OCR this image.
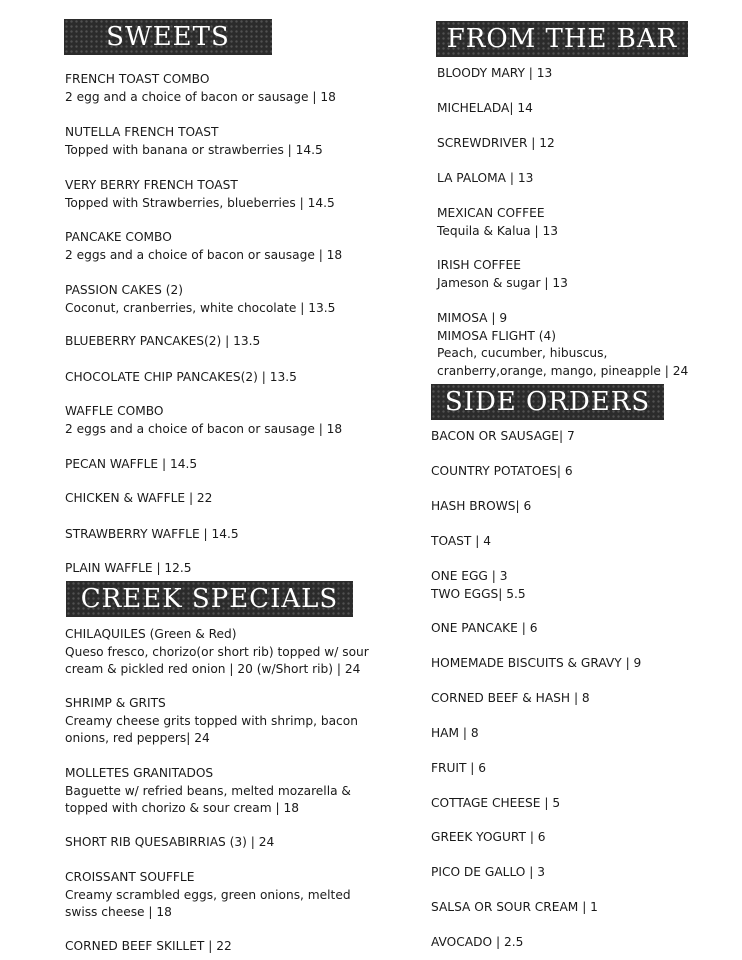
SWEETS
FRENCH TOAST COMBO
2 egg and a choice of bacon or sausage | 18
NUTELLA FRENCH TOAST
Topped with banana or strawberries | 14.5
VERY BERRY FRENCH TOAST
Topped with Strawberries, blueberries | 14.5
PANCAKE COMBO
2 eggs and a choice of bacon or sausage | 18
PASSION CAKES (2)
Coconut, cranberries, white chocolate | 13.5
BLUEBERRY PANCAKES(2) | 13.5
CHOCOLATE CHIP PANCAKES(2) | 13.5
WAFFLE COMBO
2 eggs and a choice of bacon or sausage | 18
PECAN WAFFLE | 14.5
CHICKEN & WAFFLE | 22
STRAWBERRY WAFFLE | 14.5
PLAIN WAFFLE | 12.5
CREEK SPECIALS
CHILAQUILES (Green & Red)
Queso fresco, chorizo(or short rib) topped w/ sour
cream & pickled red onion | 20 (w/Short rib) | 24
SHRIMP & GRITS
Creamy cheese grits topped with shrimp, bacon
onions, red peppers| 24
MOLLETES GRANITADOS
Baguette w/ refried beans, melted mozarella &
topped with chorizo & sour cream | 18
SHORT RIB QUESABIRRIAS (3) | 24
CROISSANT SOUFFLE
Creamy scrambled eggs, green onions, melted
swiss cheese | 18
CORNED BEEF SKILLET | 22
FROM THE BAR
BLOODY MARY | 13
MICHELADA| 14
SCREWDRIVER | 12
LA PALOMA | 13
MEXICAN COFFEE
Tequila & Kalua | 13
IRISH COFFEE
Jameson & sugar | 13
MIMOSA | 9
MIMOSA FLIGHT (4)
Peach, cucumber, hibuscus,
cranberry,orange, mango, pineapple | 24
SIDE ORDERS
BACON OR SAUSAGE| 7
COUNTRY POTATOES| 6
HASH BROWS| 6
TOAST | 4
ONE EGG | 3
TWO EGGS| 5.5
ONE PANCAKE | 6
HOMEMADE BISCUITS & GRAVY | 9
CORNED BEEF & HASH | 8
HAM | 8
FRUIT | 6
COTTAGE CHEESE | 5
GREEK YOGURT | 6
PICO DE GALLO | 3
SALSA OR SOUR CREAM | 1
AVOCADO | 2.5
